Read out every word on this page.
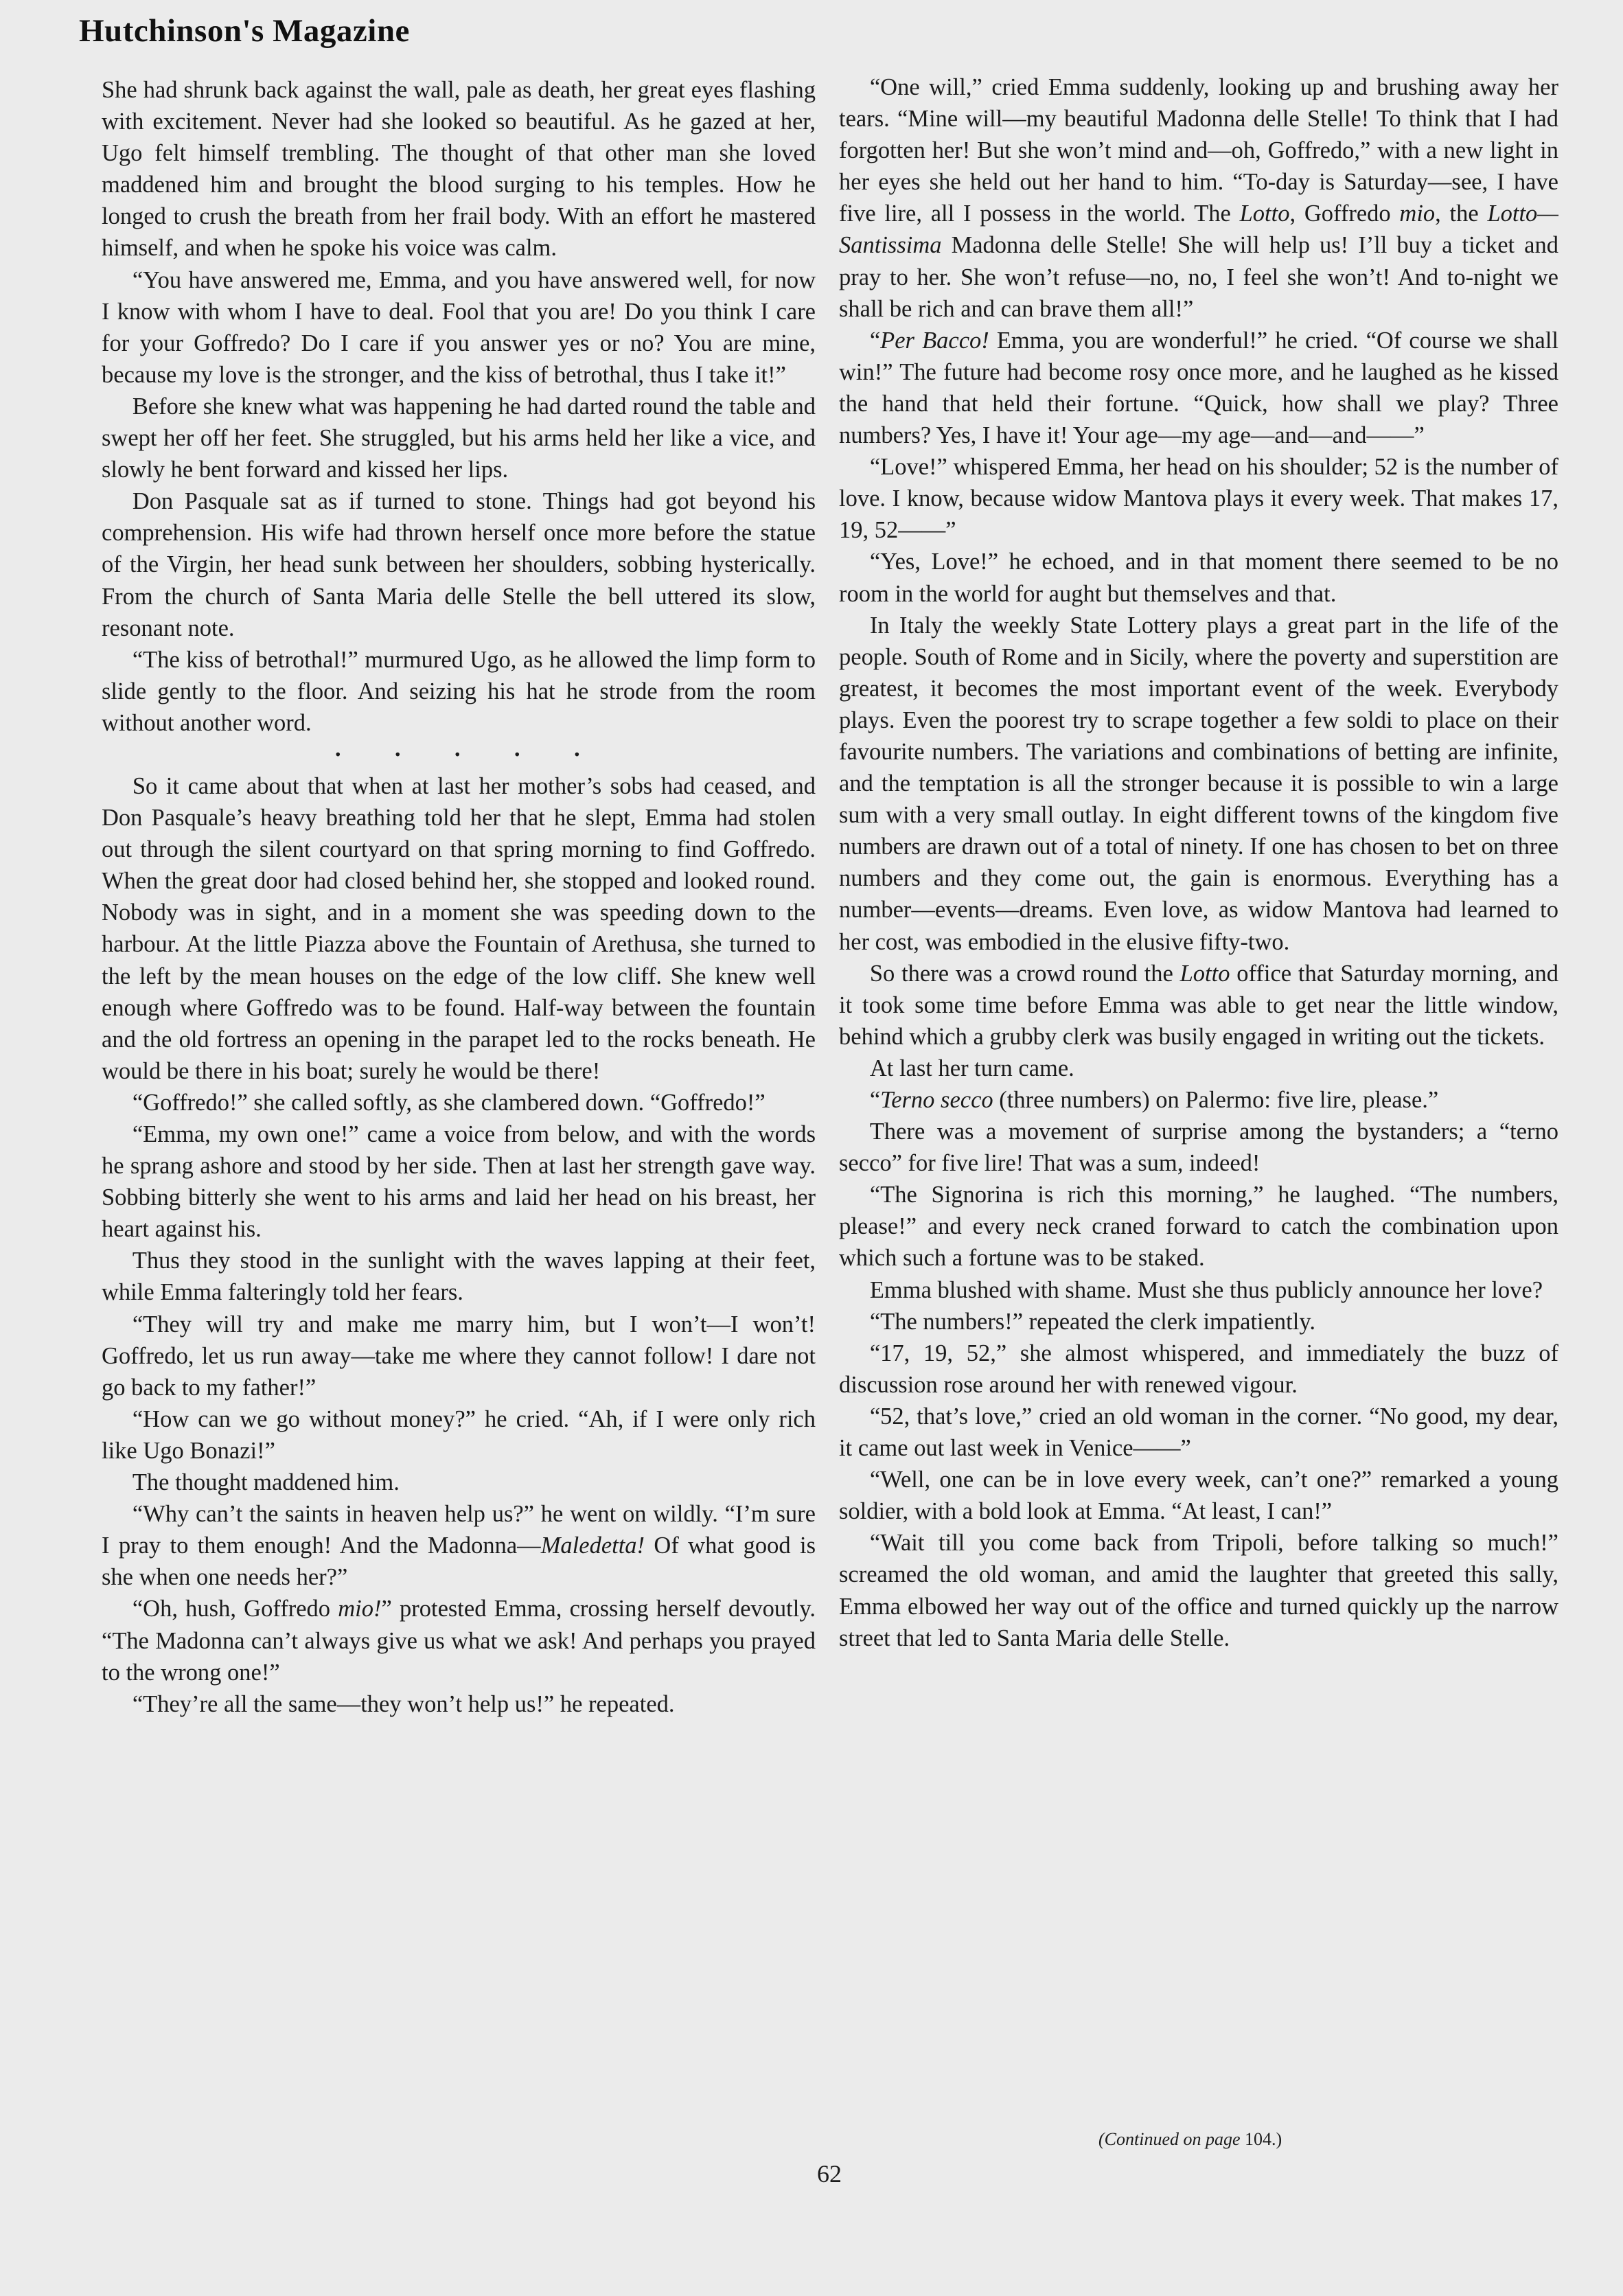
Hutchinson's Magazine

She had shrunk back against the wall, pale as death, her great eyes flashing with excitement. Never had she looked so beautiful. As he gazed at her, Ugo felt himself trembling. The thought of that other man she loved maddened him and brought the blood surging to his temples. How he longed to crush the breath from her frail body. With an effort he mastered himself, and when he spoke his voice was calm.

“You have answered me, Emma, and you have answered well, for now I know with whom I have to deal. Fool that you are! Do you think I care for your Goffredo? Do I care if you answer yes or no? You are mine, because my love is the stronger, and the kiss of betrothal, thus I take it!”

Before she knew what was happening he had darted round the table and swept her off her feet. She struggled, but his arms held her like a vice, and slowly he bent forward and kissed her lips.

Don Pasquale sat as if turned to stone. Things had got beyond his comprehension. His wife had thrown herself once more before the statue of the Virgin, her head sunk between her shoulders, sobbing hysterically. From the church of Santa Maria delle Stelle the bell uttered its slow, resonant note.

“The kiss of betrothal!” murmured Ugo, as he allowed the limp form to slide gently to the floor. And seizing his hat he strode from the room without another word.

· · · · ·

So it came about that when at last her mother’s sobs had ceased, and Don Pasquale’s heavy breathing told her that he slept, Emma had stolen out through the silent courtyard on that spring morning to find Goffredo. When the great door had closed behind her, she stopped and looked round. Nobody was in sight, and in a moment she was speeding down to the harbour. At the little Piazza above the Fountain of Arethusa, she turned to the left by the mean houses on the edge of the low cliff. She knew well enough where Goffredo was to be found. Half-way between the fountain and the old fortress an opening in the parapet led to the rocks beneath. He would be there in his boat; surely he would be there!

“Goffredo!” she called softly, as she clambered down. “Goffredo!”

“Emma, my own one!” came a voice from below, and with the words he sprang ashore and stood by her side. Then at last her strength gave way. Sobbing bitterly she went to his arms and laid her head on his breast, her heart against his.

Thus they stood in the sunlight with the waves lapping at their feet, while Emma falteringly told her fears.

“They will try and make me marry him, but I won’t—I won’t! Goffredo, let us run away—take me where they cannot follow! I dare not go back to my father!”

“How can we go without money?” he cried. “Ah, if I were only rich like Ugo Bonazi!”

The thought maddened him.

“Why can’t the saints in heaven help us?” he went on wildly. “I’m sure I pray to them enough! And the Madonna—Maledetta! Of what good is she when one needs her?”

“Oh, hush, Goffredo mio!” protested Emma, crossing herself devoutly. “The Madonna can’t always give us what we ask! And perhaps you prayed to the wrong one!”

“They’re all the same—they won’t help us!” he repeated.

“One will,” cried Emma suddenly, looking up and brushing away her tears. “Mine will—my beautiful Madonna delle Stelle! To think that I had forgotten her! But she won’t mind and—oh, Goffredo,” with a new light in her eyes she held out her hand to him. “To-day is Saturday—see, I have five lire, all I possess in the world. The Lotto, Goffredo mio, the Lotto—Santissima Madonna delle Stelle! She will help us! I’ll buy a ticket and pray to her. She won’t refuse—no, no, I feel she won’t! And to-night we shall be rich and can brave them all!”

“Per Bacco! Emma, you are wonderful!” he cried. “Of course we shall win!” The future had become rosy once more, and he laughed as he kissed the hand that held their fortune. “Quick, how shall we play? Three numbers? Yes, I have it! Your age—my age—and—and——”

“Love!” whispered Emma, her head on his shoulder; 52 is the number of love. I know, because widow Mantova plays it every week. That makes 17, 19, 52——”

“Yes, Love!” he echoed, and in that moment there seemed to be no room in the world for aught but themselves and that.

In Italy the weekly State Lottery plays a great part in the life of the people. South of Rome and in Sicily, where the poverty and superstition are greatest, it becomes the most important event of the week. Everybody plays. Even the poorest try to scrape together a few soldi to place on their favourite numbers. The variations and combinations of betting are infinite, and the temptation is all the stronger because it is possible to win a large sum with a very small outlay. In eight different towns of the kingdom five numbers are drawn out of a total of ninety. If one has chosen to bet on three numbers and they come out, the gain is enormous. Everything has a number—events—dreams. Even love, as widow Mantova had learned to her cost, was embodied in the elusive fifty-two.

So there was a crowd round the Lotto office that Saturday morning, and it took some time before Emma was able to get near the little window, behind which a grubby clerk was busily engaged in writing out the tickets.

At last her turn came.

“Terno secco (three numbers) on Palermo: five lire, please.”

There was a movement of surprise among the bystanders; a “terno secco” for five lire! That was a sum, indeed!

“The Signorina is rich this morning,” he laughed. “The numbers, please!” and every neck craned forward to catch the combination upon which such a fortune was to be staked.

Emma blushed with shame. Must she thus publicly announce her love?

“The numbers!” repeated the clerk impatiently.

“17, 19, 52,” she almost whispered, and immediately the buzz of discussion rose around her with renewed vigour.

“52, that’s love,” cried an old woman in the corner. “No good, my dear, it came out last week in Venice——”

“Well, one can be in love every week, can’t one?” remarked a young soldier, with a bold look at Emma. “At least, I can!”

“Wait till you come back from Tripoli, before talking so much!” screamed the old woman, and amid the laughter that greeted this sally, Emma elbowed her way out of the office and turned quickly up the narrow street that led to Santa Maria delle Stelle.

(Continued on page 104.)
62
